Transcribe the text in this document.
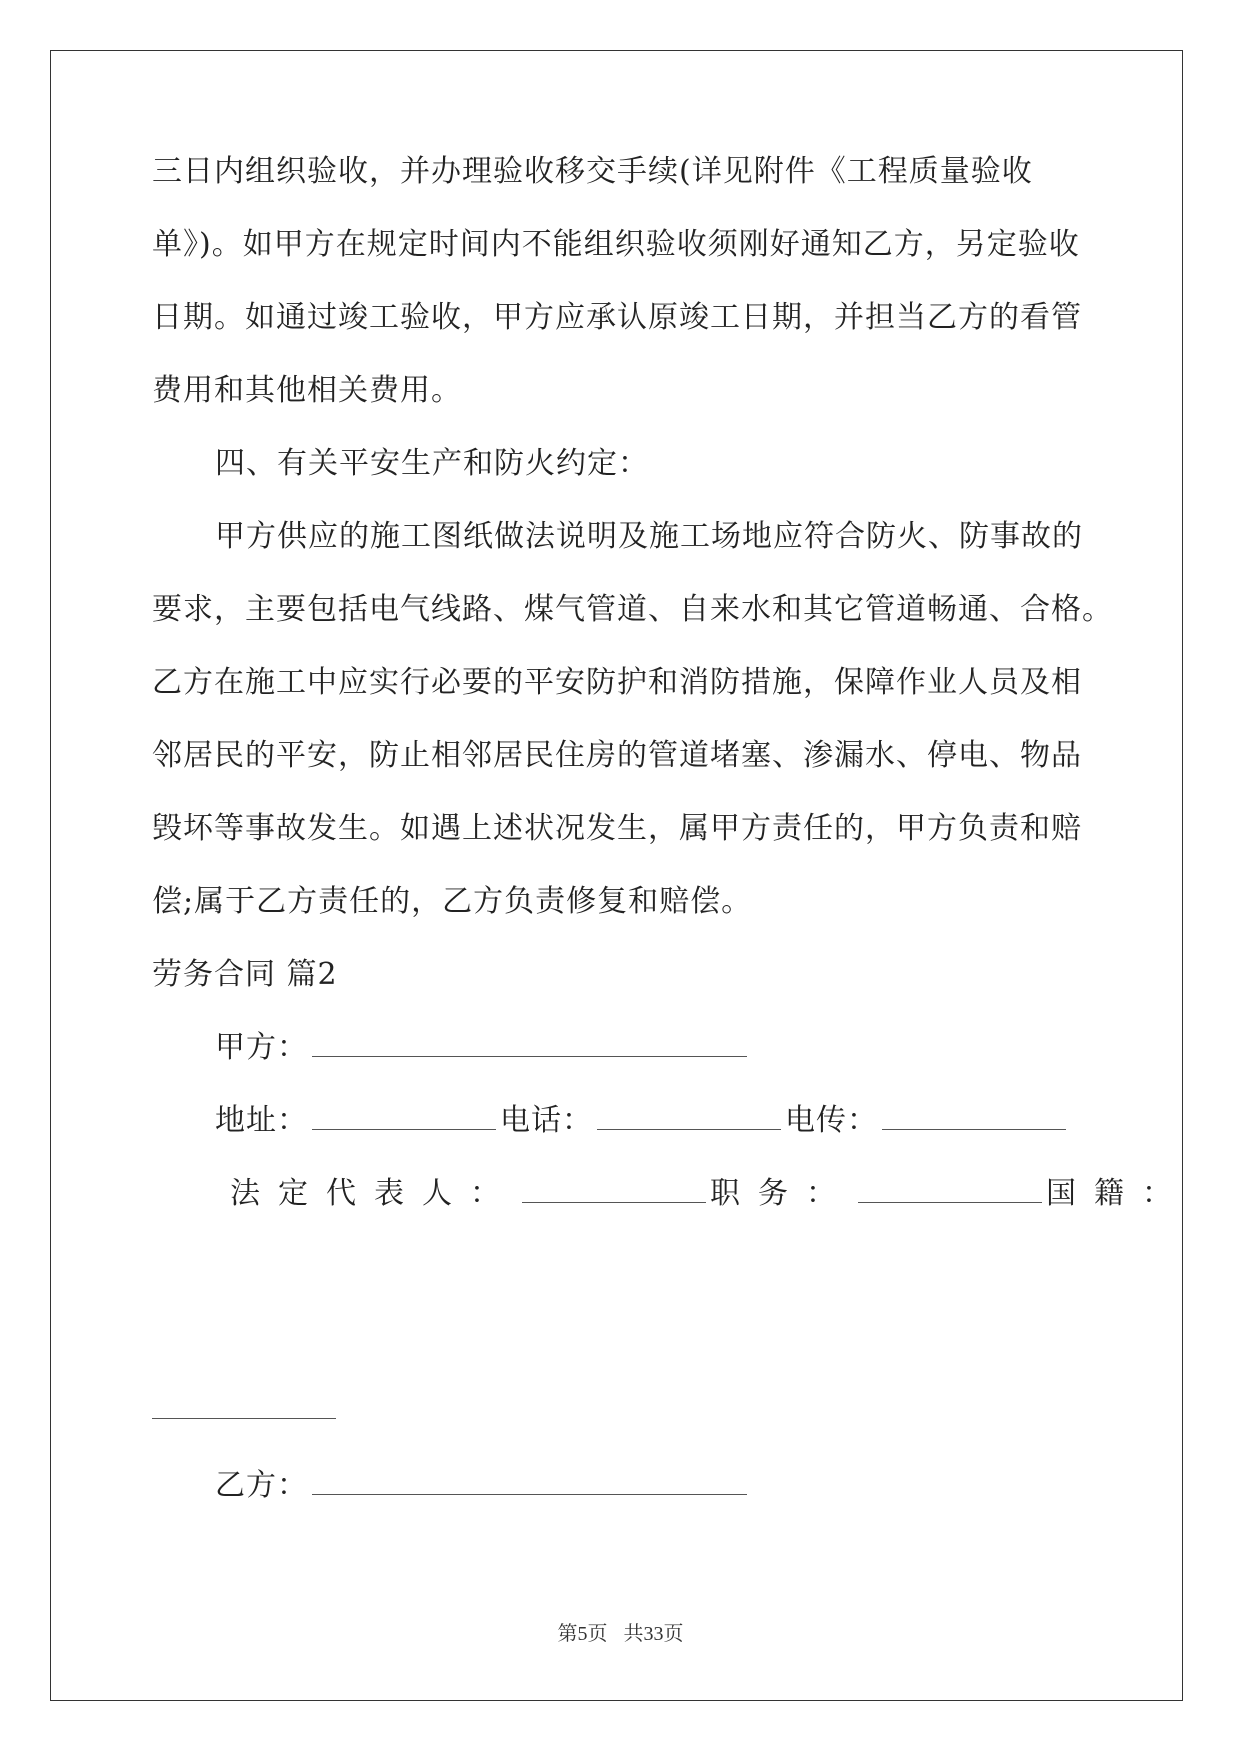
三日内组织验收，并办理验收移交手续(详见附件《工程质量验收
单》)。如甲方在规定时间内不能组织验收须刚好通知乙方，另定验收
日期。如通过竣工验收，甲方应承认原竣工日期，并担当乙方的看管
费用和其他相关费用。
四、有关平安生产和防火约定：
甲方供应的施工图纸做法说明及施工场地应符合防火、防事故的
要求，主要包括电气线路、煤气管道、自来水和其它管道畅通、合格。
乙方在施工中应实行必要的平安防护和消防措施，保障作业人员及相
邻居民的平安，防止相邻居民住房的管道堵塞、渗漏水、停电、物品
毁坏等事故发生。如遇上述状况发生，属甲方责任的，甲方负责和赔
偿;属于乙方责任的，乙方负责修复和赔偿。
劳务合同 篇2
甲方：
地址：	电话：	电传：
法定代表人：	职务：	国籍：
乙方：
第5页 共33页
